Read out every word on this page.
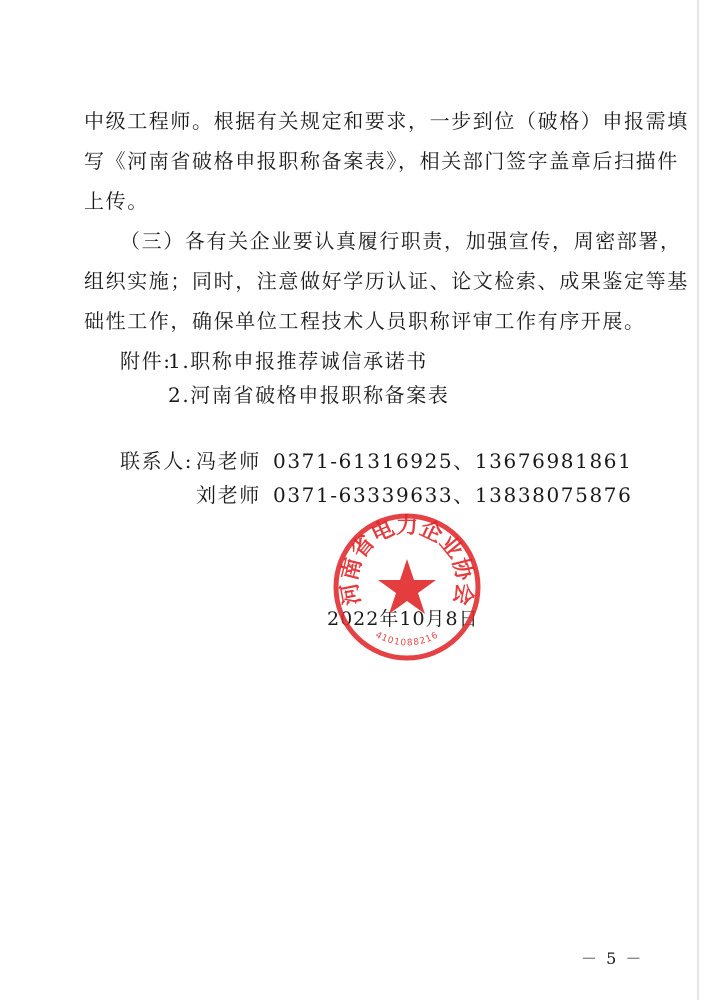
中级工程师。根据有关规定和要求，一步到位（破格）申报需填
写《河南省破格申报职称备案表》，相关部门签字盖章后扫描件
上传。
（三）各有关企业要认真履行职责，加强宣传，周密部署，
组织实施；同时，注意做好学历认证、论文检索、成果鉴定等基
础性工作，确保单位工程技术人员职称评审工作有序开展。
附件:
1.职称申报推荐诚信承诺书
2.河南省破格申报职称备案表
联系人: 冯老师 0371-61316925、13676981861
刘老师 0371-63339633、13838075876
2022年10月8日
河南省电力企业协会
4101088216
－ 5 －
